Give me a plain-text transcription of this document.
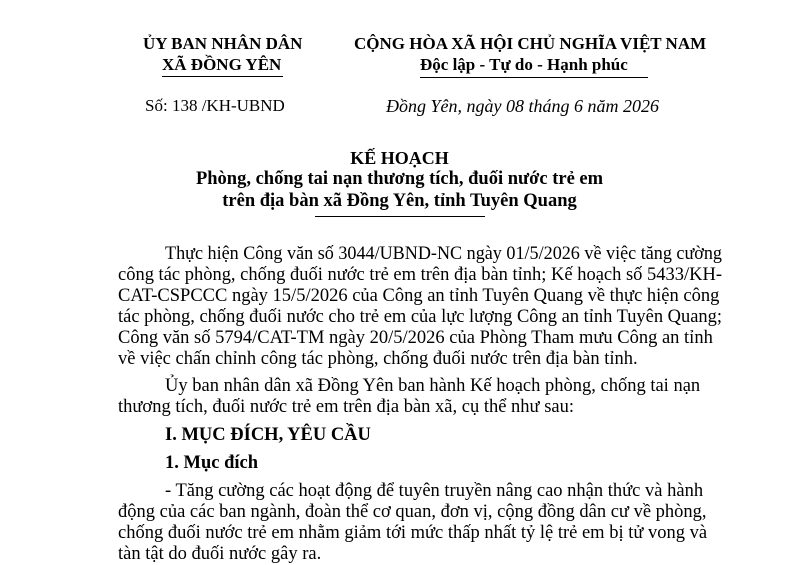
ỦY BAN NHÂN DÂN
XÃ ĐỒNG YÊN
CỘNG HÒA XÃ HỘI CHỦ NGHĨA VIỆT NAM
Độc lập - Tự do - Hạnh phúc
Số: 138 /KH-UBND	Đồng Yên, ngày 08 tháng 6 năm 2026
KẾ HOẠCH
Phòng, chống tai nạn thương tích, đuối nước trẻ em
trên địa bàn xã Đồng Yên, tỉnh Tuyên Quang
Thực hiện Công văn số 3044/UBND-NC ngày 01/5/2026 về việc tăng cường
công tác phòng, chống đuối nước trẻ em trên địa bàn tỉnh; Kế hoạch số 5433/KH-
CAT-CSPCCC ngày 15/5/2026 của Công an tỉnh Tuyên Quang về thực hiện công
tác phòng, chống đuối nước cho trẻ em của lực lượng Công an tỉnh Tuyên Quang;
Công văn số 5794/CAT-TM ngày 20/5/2026 của Phòng Tham mưu Công an tỉnh
về việc chấn chỉnh công tác phòng, chống đuối nước trên địa bàn tỉnh.
Ủy ban nhân dân xã Đồng Yên ban hành Kế hoạch phòng, chống tai nạn
thương tích, đuối nước trẻ em trên địa bàn xã, cụ thể như sau:
I. MỤC ĐÍCH, YÊU CẦU
1. Mục đích
- Tăng cường các hoạt động để tuyên truyền nâng cao nhận thức và hành
động của các ban ngành, đoàn thể cơ quan, đơn vị, cộng đồng dân cư về phòng,
chống đuối nước trẻ em nhằm giảm tới mức thấp nhất tỷ lệ trẻ em bị tử vong và
tàn tật do đuối nước gây ra.
